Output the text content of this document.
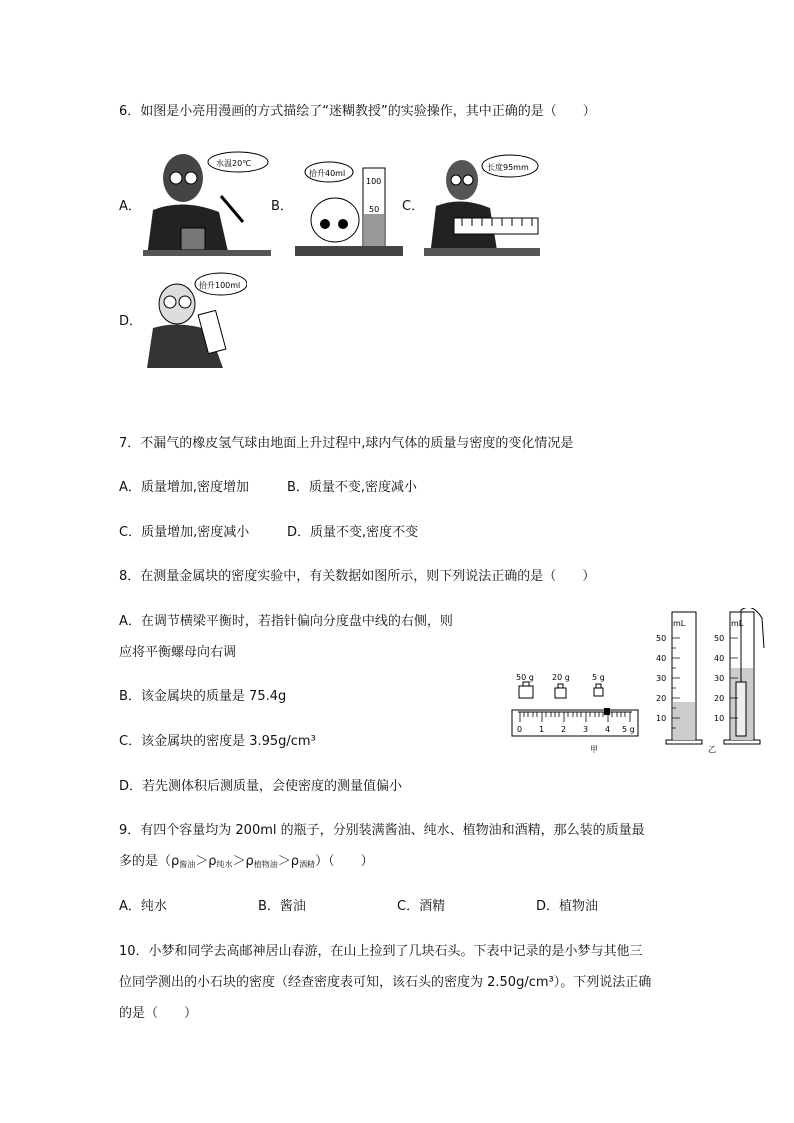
6．如图是小亮用漫画的方式描绘了“迷糊教授”的实验操作，其中正确的是（　　）
A．
水温20℃
B．
拾升40ml
100
50 C．
长度95mm
D．
拾升100ml
7．不漏气的橡皮氢气球由地面上升过程中,球内气体的质量与密度的变化情况是
A．质量增加,密度增加	B．质量不变,密度减小
C．质量增加,密度减小	D．质量不变,密度不变
8．在测量金属块的密度实验中，有关数据如图所示，则下列说法正确的是（　　）
A．在调节横梁平衡时，若指针偏向分度盘中线的右侧，则
应将平衡螺母向右调
B．该金属块的质量是 75.4g
C．该金属块的密度是 3.95g/cm³
D．若先测体积后测质量，会使密度的测量值偏小
50 g 20 g	5 g
0 1 2 3 4 5 g
甲
mL
50
40
30
20
10
mL
50
40
30
20
10
乙
9．有四个容量均为 200ml 的瓶子，分别装满酱油、纯水、植物油和酒精，那么装的质量最
多的是$(\rho_{酱油}>\rho_{纯水}>\rho_{植物油}>\rho_{酒精})$（　　）
A．纯水	B．酱油	C．酒精	D．植物油
10．小梦和同学去高邮神居山春游，在山上捡到了几块石头。下表中记录的是小梦与其他三
位同学测出的小石块的密度（经查密度表可知，该石头的密度为 2.50g/cm³）。下列说法正确
的是（　　）
